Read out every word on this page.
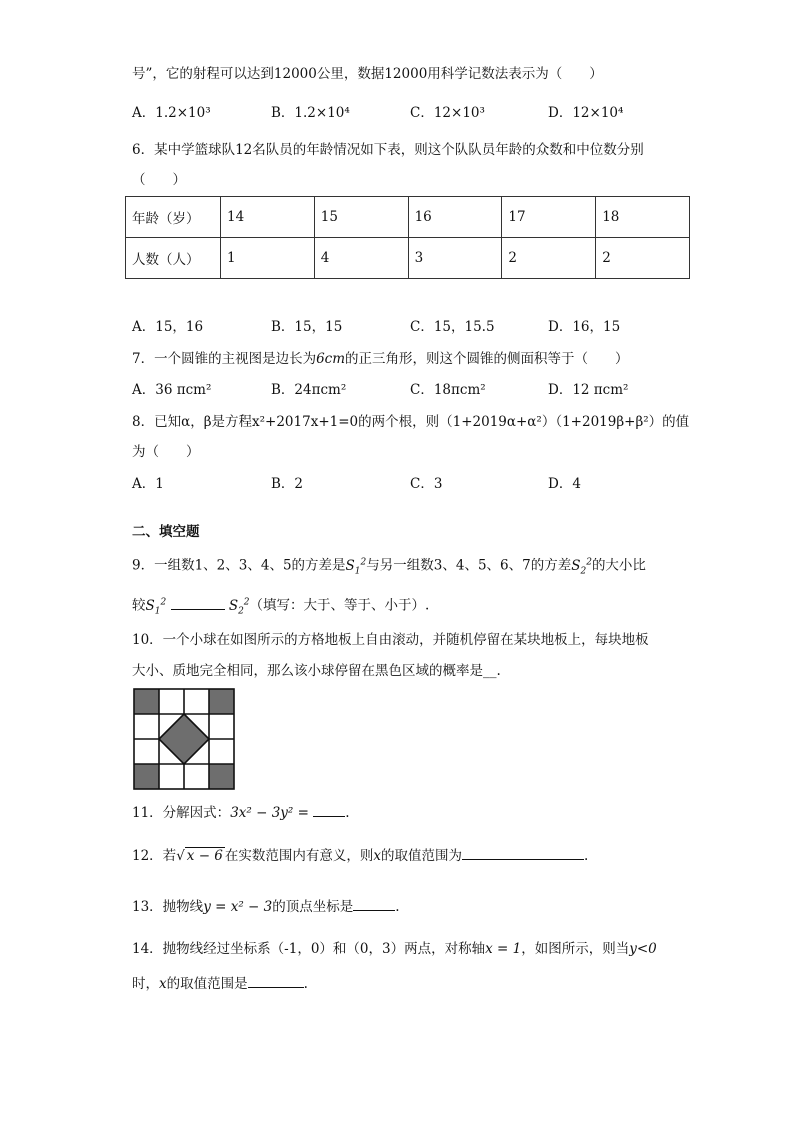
号”，它的射程可以达到12000公里，数据12000用科学记数法表示为（　　）
A．1.2×10³	B．1.2×10⁴	C．12×10³	D．12×10⁴
6．某中学篮球队12名队员的年龄情况如下表，则这个队队员年龄的众数和中位数分别
（　　）
年龄（岁）	14	15	16	17	18
人数（人）	1	4	3	2	2
A．15，16	B．15，15	C．15，15.5	D．16，15
7．一个圆锥的主视图是边长为6cm的正三角形，则这个圆锥的侧面积等于（　　）
A．36 πcm²	B．24πcm²	C．18πcm²	D．12 πcm²
8．已知α，β是方程x²+2017x+1=0的两个根，则（1+2019α+α²）（1+2019β+β²）的值
为（　　）
A．1	B．2	C．3	D．4
二、填空题
9．一组数1、2、3、4、5的方差是$S_1^2$与另一组数3、4、5、6、7的方差$S_2^2$的大小比
较$S_1^2$	$S_2^2$（填写：大于、等于、小于）.
10．一个小球在如图所示的方格地板上自由滚动，并随机停留在某块地板上，每块地板
大小、质地完全相同，那么该小球停留在黑色区域的概率是__.
11．分解因式：3x² − 3y² =	.
12．若√ x − 6 在实数范围内有意义，则x的取值范围为	.
13．抛物线y = x² − 3的顶点坐标是	.
14．抛物线经过坐标系（-1，0）和（0，3）两点，对称轴x = 1，如图所示，则当y<0
时，x的取值范围是	.
